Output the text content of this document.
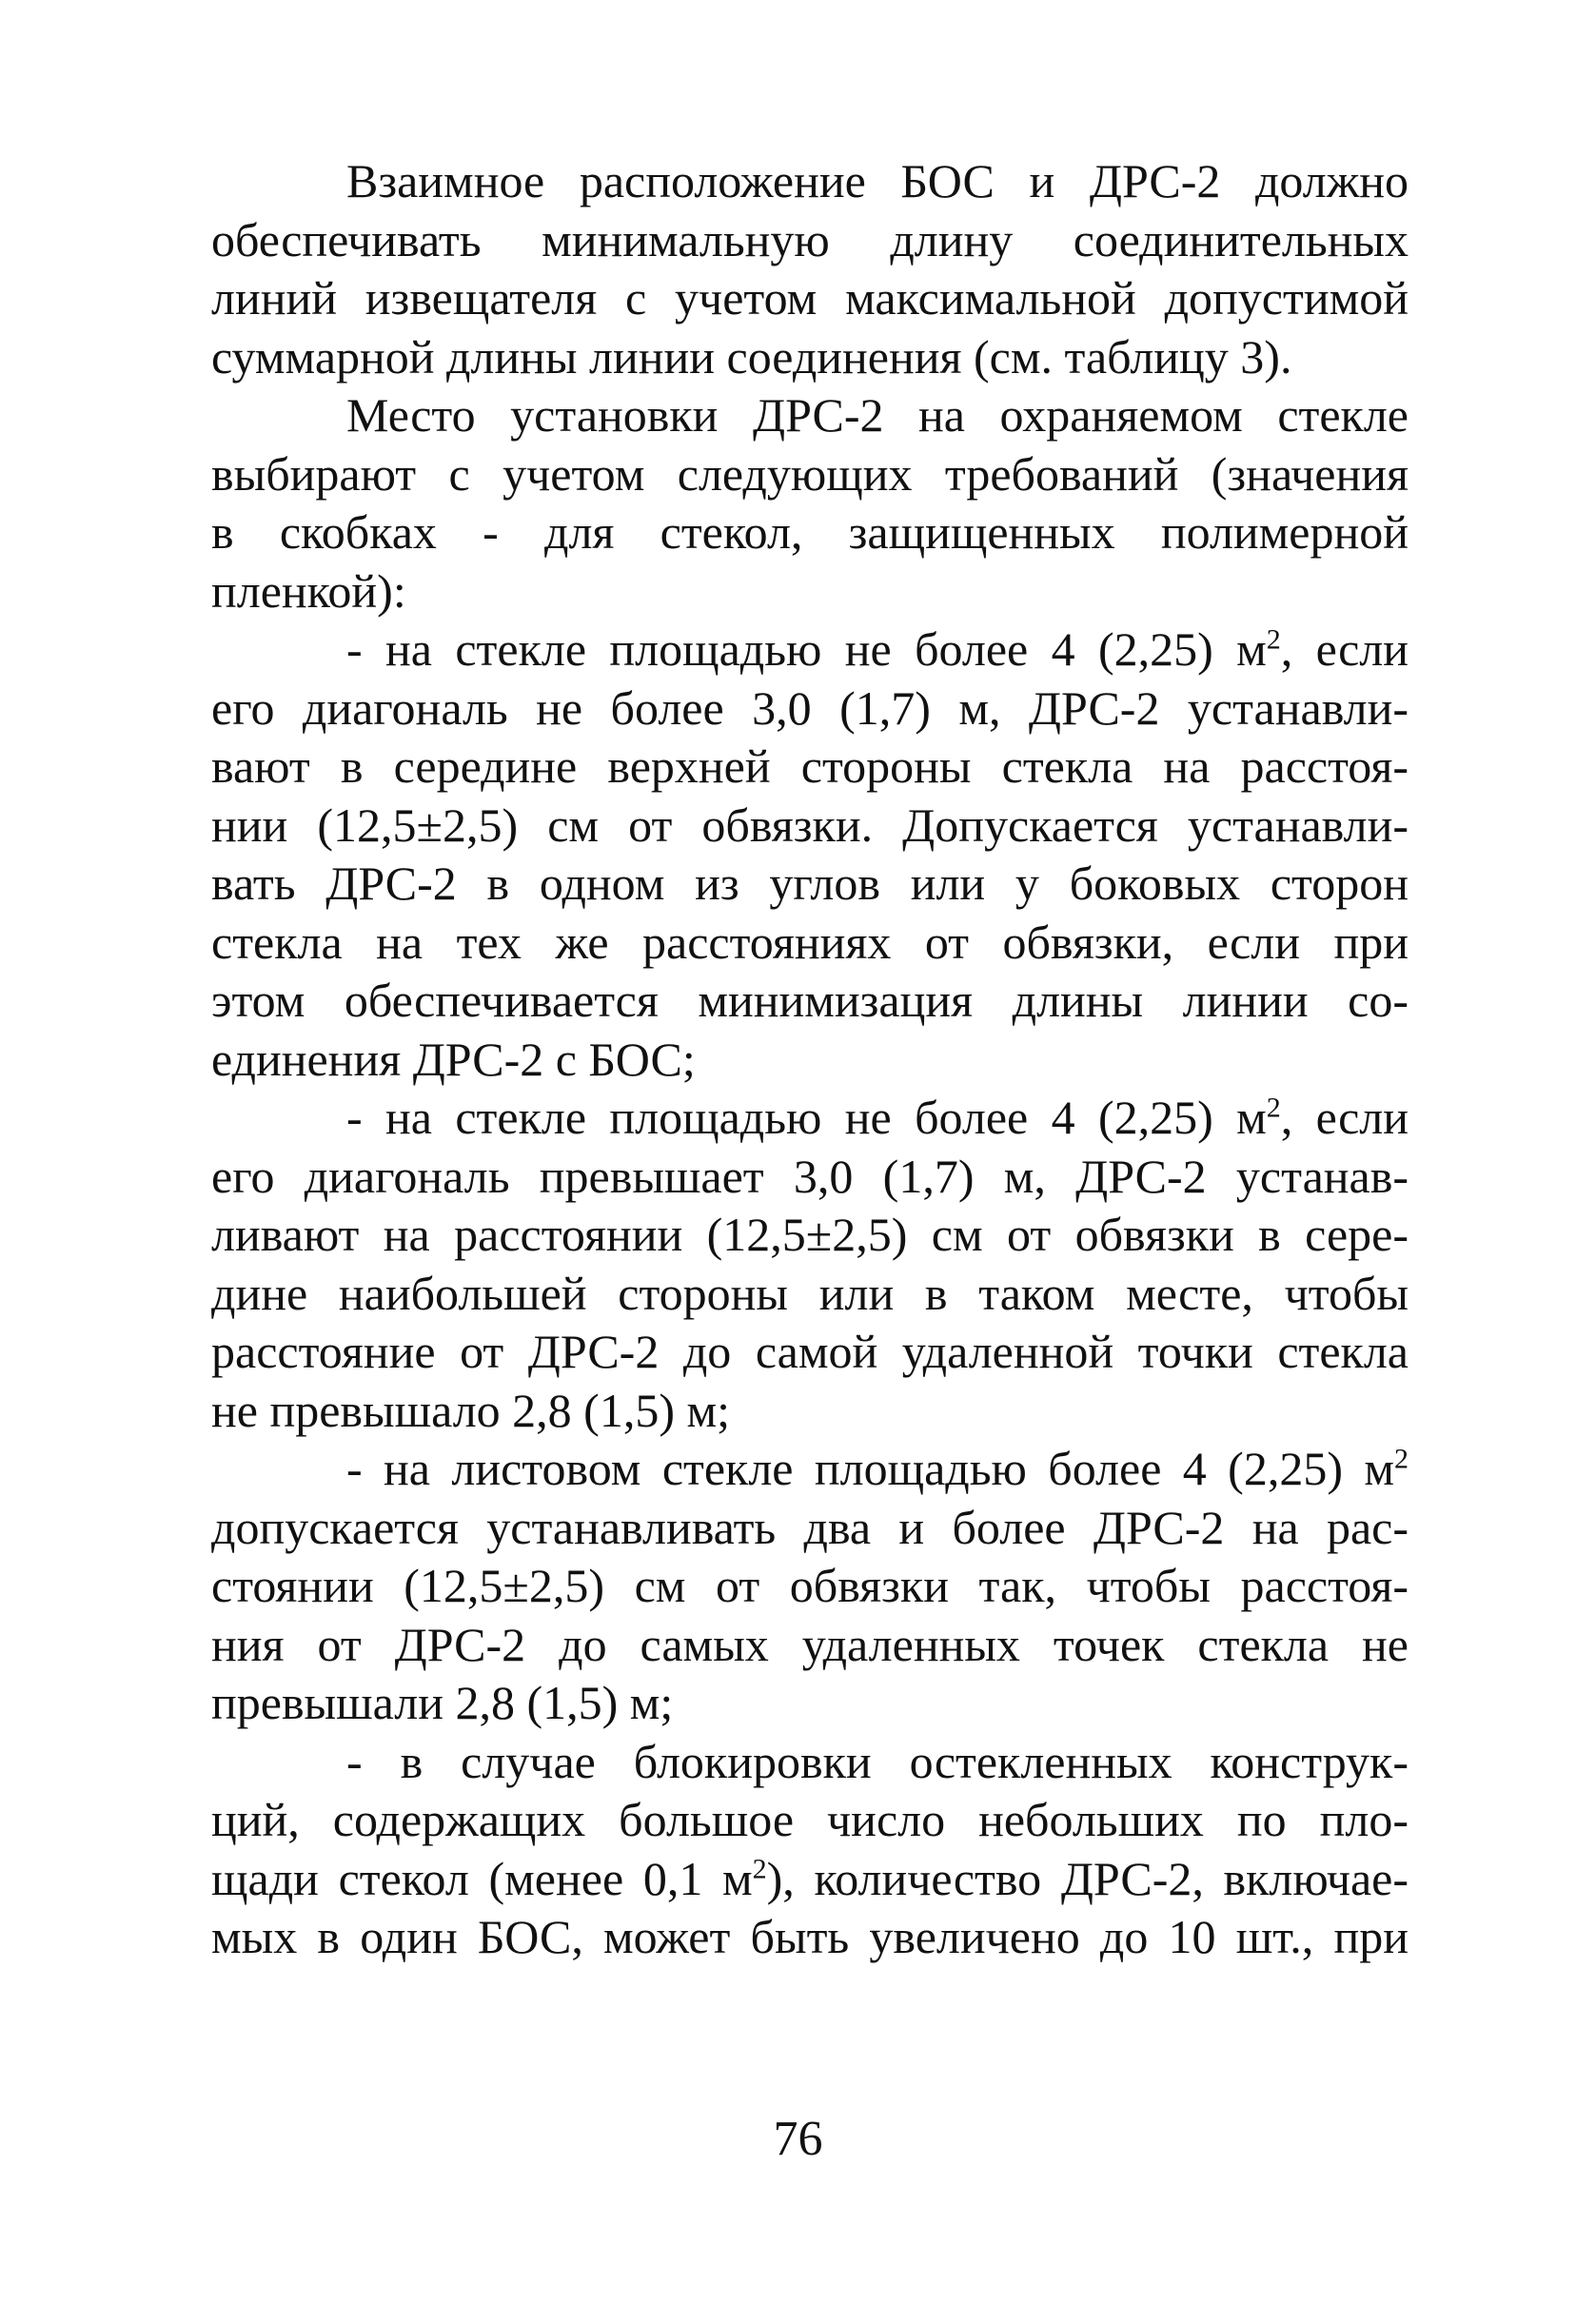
Взаимное расположение БОС и ДРС-2 должно
обеспечивать минимальную длину соединительных
линий извещателя с учетом максимальной допустимой
суммарной длины линии соединения (см. таблицу 3).
Место установки ДРС-2 на охраняемом стекле
выбирают с учетом следующих требований (значения
в скобках - для стекол, защищенных полимерной
пленкой):
- на стекле площадью не более 4 (2,25) $м^2$, если
его диагональ не более 3,0 (1,7) м, ДРС-2 устанавли-
вают в середине верхней стороны стекла на расстоя-
нии (12,5±2,5) см от обвязки. Допускается устанавли-
вать ДРС-2 в одном из углов или у боковых сторон
стекла на тех же расстояниях от обвязки, если при
этом обеспечивается минимизация длины линии со-
единения ДРС-2 с БОС;
- на стекле площадью не более 4 (2,25) $м^2$, если
его диагональ превышает 3,0 (1,7) м, ДРС-2 устанав-
ливают на расстоянии (12,5±2,5) см от обвязки в сере-
дине наибольшей стороны или в таком месте, чтобы
расстояние от ДРС-2 до самой удаленной точки стекла
не превышало 2,8 (1,5) м;
- на листовом стекле площадью более 4 (2,25) $м^2$
допускается устанавливать два и более ДРС-2 на рас-
стоянии (12,5±2,5) см от обвязки так, чтобы расстоя-
ния от ДРС-2 до самых удаленных точек стекла не
превышали 2,8 (1,5) м;
- в случае блокировки остекленных конструк-
ций, содержащих большое число небольших по пло-
щади стекол (менее 0,1 $м^2$), количество ДРС-2, включае-
мых в один БОС, может быть увеличено до 10 шт., при
76
